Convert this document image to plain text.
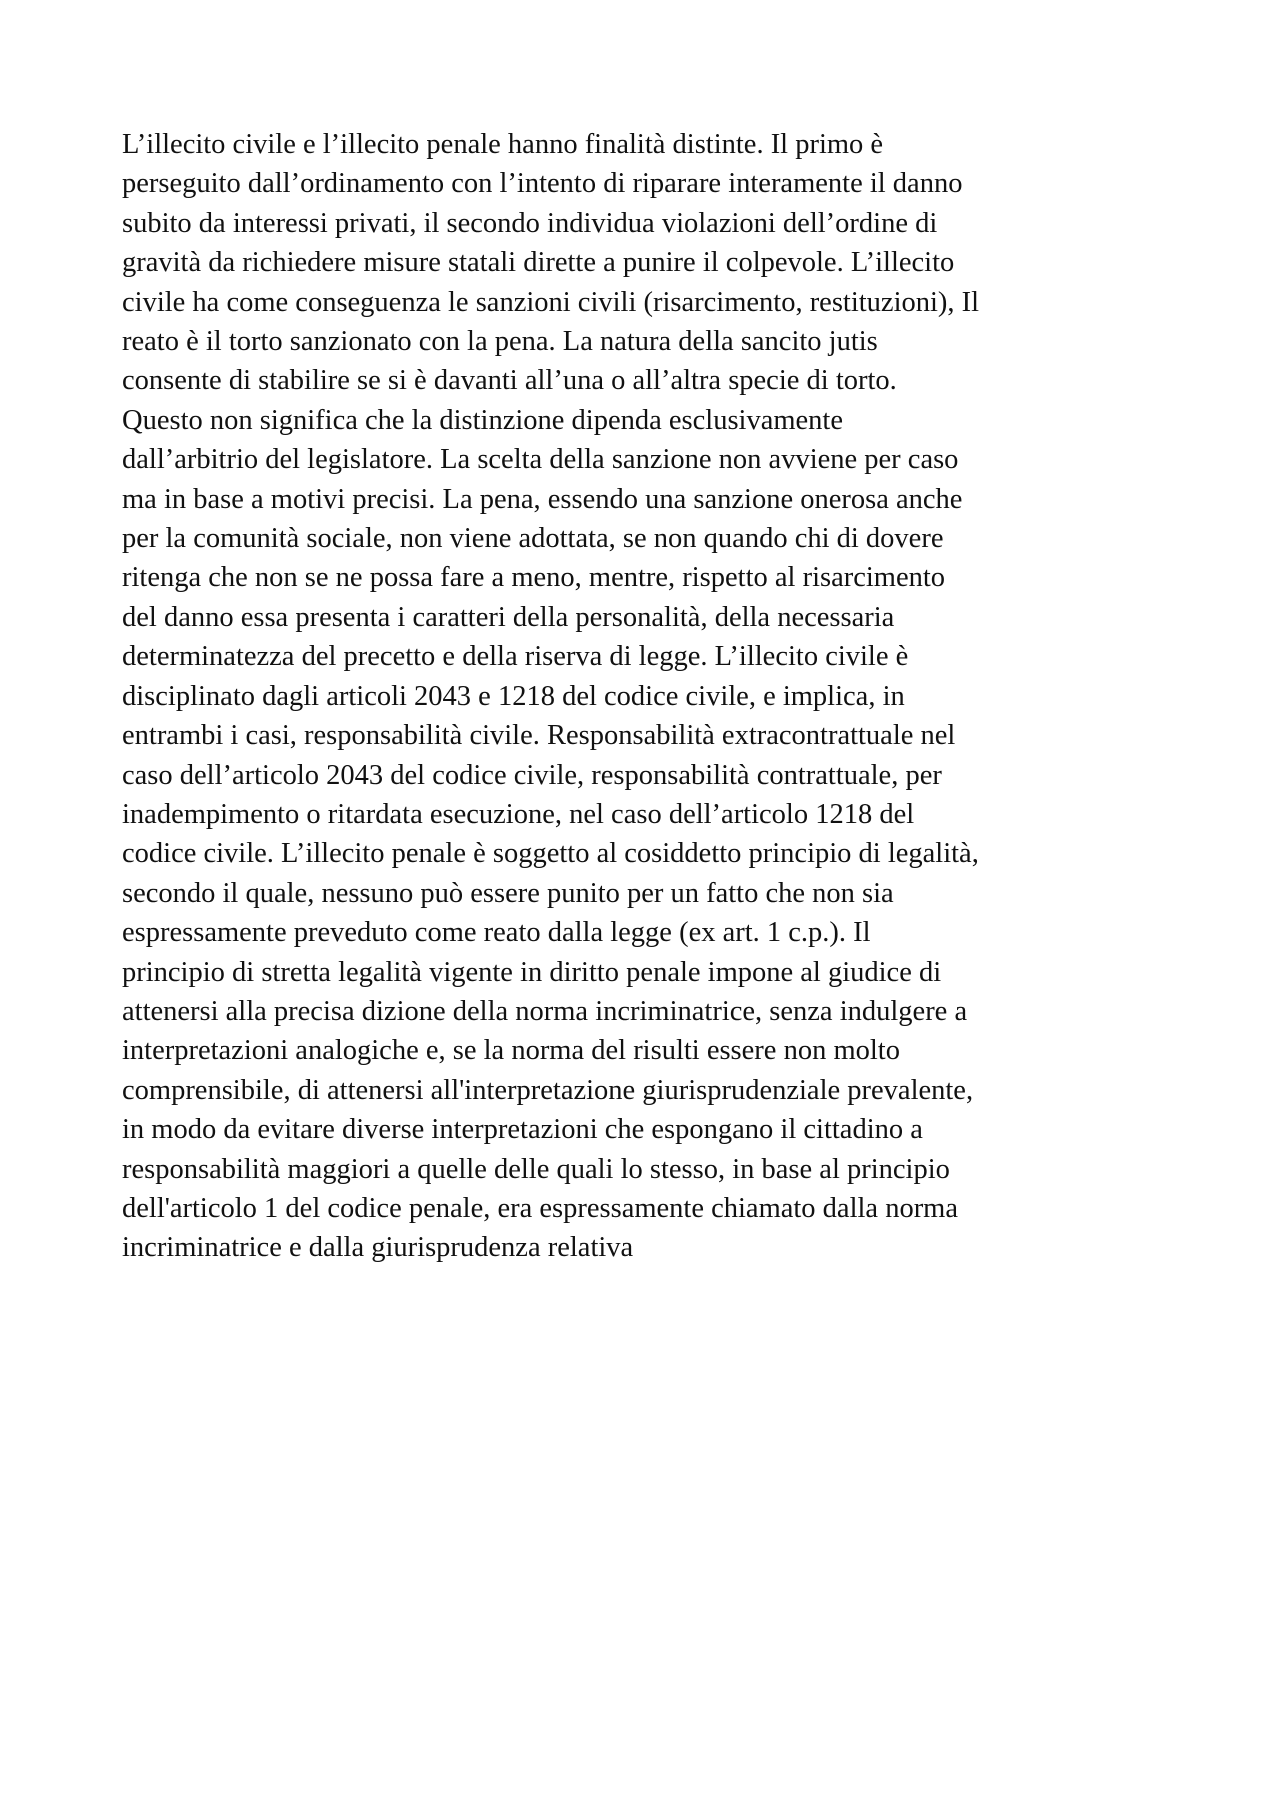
L’illecito civile e l’illecito penale hanno finalità distinte. Il primo è
perseguito dall’ordinamento con l’intento di riparare interamente il danno
subito da interessi privati, il secondo individua violazioni dell’ordine di
gravità da richiedere misure statali dirette a punire il colpevole. L’illecito
civile ha come conseguenza le sanzioni civili (risarcimento, restituzioni), Il
reato è il torto sanzionato con la pena. La natura della sancito jutis
consente di stabilire se si è davanti all’una o all’altra specie di torto.
Questo non significa che la distinzione dipenda esclusivamente
dall’arbitrio del legislatore. La scelta della sanzione non avviene per caso
ma in base a motivi precisi. La pena, essendo una sanzione onerosa anche
per la comunità sociale, non viene adottata, se non quando chi di dovere
ritenga che non se ne possa fare a meno, mentre, rispetto al risarcimento
del danno essa presenta i caratteri della personalità, della necessaria
determinatezza del precetto e della riserva di legge. L’illecito civile è
disciplinato dagli articoli 2043 e 1218 del codice civile, e implica, in
entrambi i casi, responsabilità civile. Responsabilità extracontrattuale nel
caso dell’articolo 2043 del codice civile, responsabilità contrattuale, per
inadempimento o ritardata esecuzione, nel caso dell’articolo 1218 del
codice civile. L’illecito penale è soggetto al cosiddetto principio di legalità,
secondo il quale, nessuno può essere punito per un fatto che non sia
espressamente preveduto come reato dalla legge (ex art. 1 c.p.). Il
principio di stretta legalità vigente in diritto penale impone al giudice di
attenersi alla precisa dizione della norma incriminatrice, senza indulgere a
interpretazioni analogiche e, se la norma del risulti essere non molto
comprensibile, di attenersi all'interpretazione giurisprudenziale prevalente,
in modo da evitare diverse interpretazioni che espongano il cittadino a
responsabilità maggiori a quelle delle quali lo stesso, in base al principio
dell'articolo 1 del codice penale, era espressamente chiamato dalla norma
incriminatrice e dalla giurisprudenza relativa
